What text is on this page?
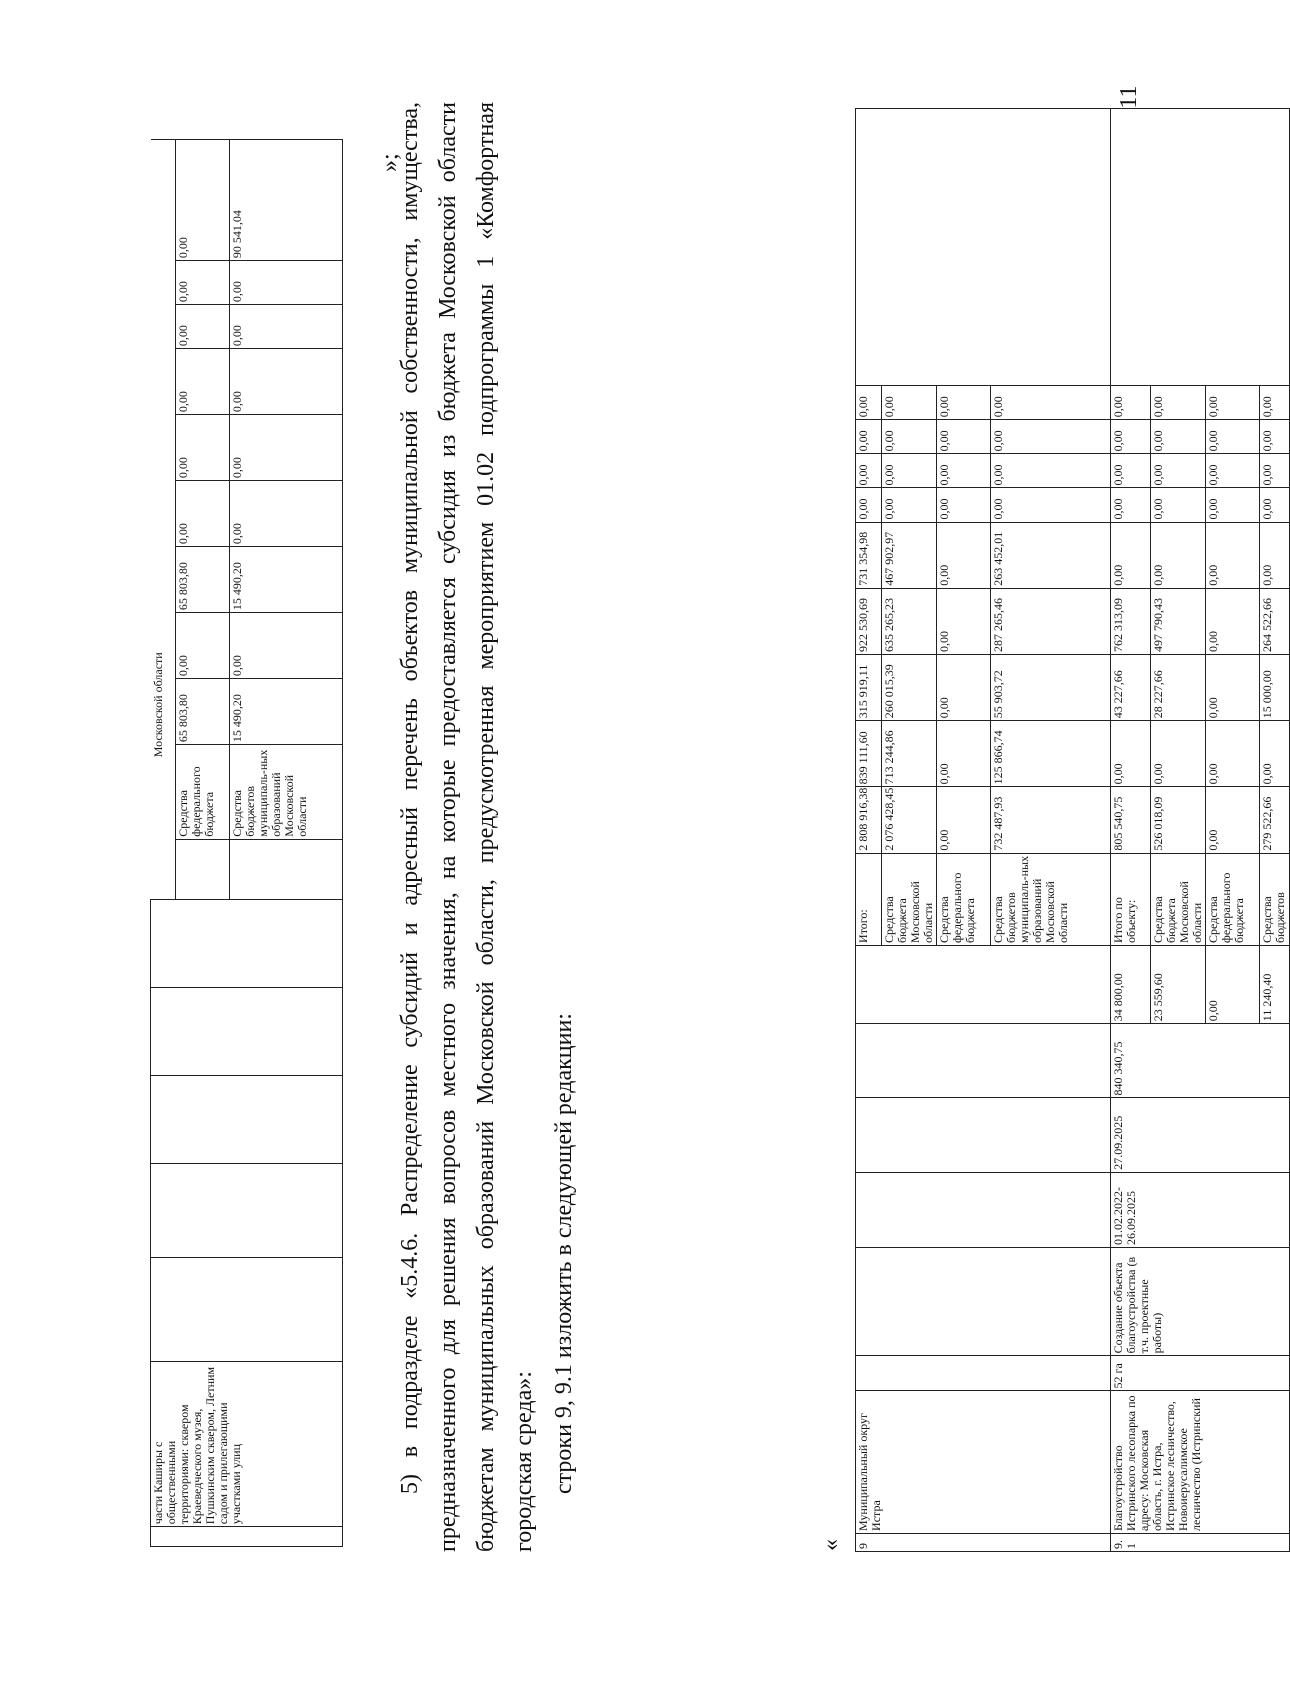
11
	части Каширы с общественными территориями: сквером Краеведческого музея, Пушкинским сквером, Летним садом и прилегающими участками улиц						Московской области										
								Средства федерального бюджета	65 803,80	0,00	65 803,80	0,00	0,00	0,00	0,00	0,00	0,00
								Средства бюджетов муниципаль-ных образований Московской области	15 490,20	0,00	15 490,20	0,00	0,00	0,00	0,00	0,00	90 541,04
»;

5) в подразделе «5.4.6. Распределение субсидий и адресный перечень объектов муниципальной собственности, имущества, предназначенного для решения вопросов местного значения, на которые предоставляется субсидия из бюджета Московской области бюджетам муниципальных образований Московской области, предусмотренная мероприятием 01.02 подпрограммы 1 «Комфортная городская среда»: строки 9, 9.1 изложить в следующей редакции:

« 9	Муниципальный округ Истра							Итого:	2 808 916,38	839 111,60	315 919,11	922 530,69	731 354,98	0,00	0,00	0,00	0,00	
								Средства бюджета Московской области	2 076 428,45	713 244,86	260 015,39	635 265,23	467 902,97	0,00	0,00	0,00	0,00	
								Средства федерального бюджета	0,00	0,00	0,00	0,00	0,00	0,00	0,00	0,00	0,00	
								Средства бюджетов муниципаль-ных образований Московской области	732 487,93	125 866,74	55 903,72	287 265,46	263 452,01	0,00	0,00	0,00	0,00	
9.1	Благоустройство Истринского лесопарка по адресу: Московская область, г. Истра, Истринское лесничество, Новоиерусалимское лесничество (Истринский	52 га	Создание объекта благоустройства (в т.ч. проектные работы)	01.02.2022-26.09.2025	27.09.2025	840 340,75	34 800,00	Итого по объекту:	805 540,75	0,00	43 227,66	762 313,09	0,00	0,00	0,00	0,00	0,00	
							23 559,60	Средства бюджета Московской области	526 018,09	0,00	28 227,66	497 790,43	0,00	0,00	0,00	0,00	0,00	
							0,00	Средства федерального бюджета	0,00	0,00	0,00	0,00	0,00	0,00	0,00	0,00	0,00	
							11 240,40	Средства бюджетов	279 522,66	0,00	15 000,00	264 522,66	0,00	0,00	0,00	0,00	0,00	
